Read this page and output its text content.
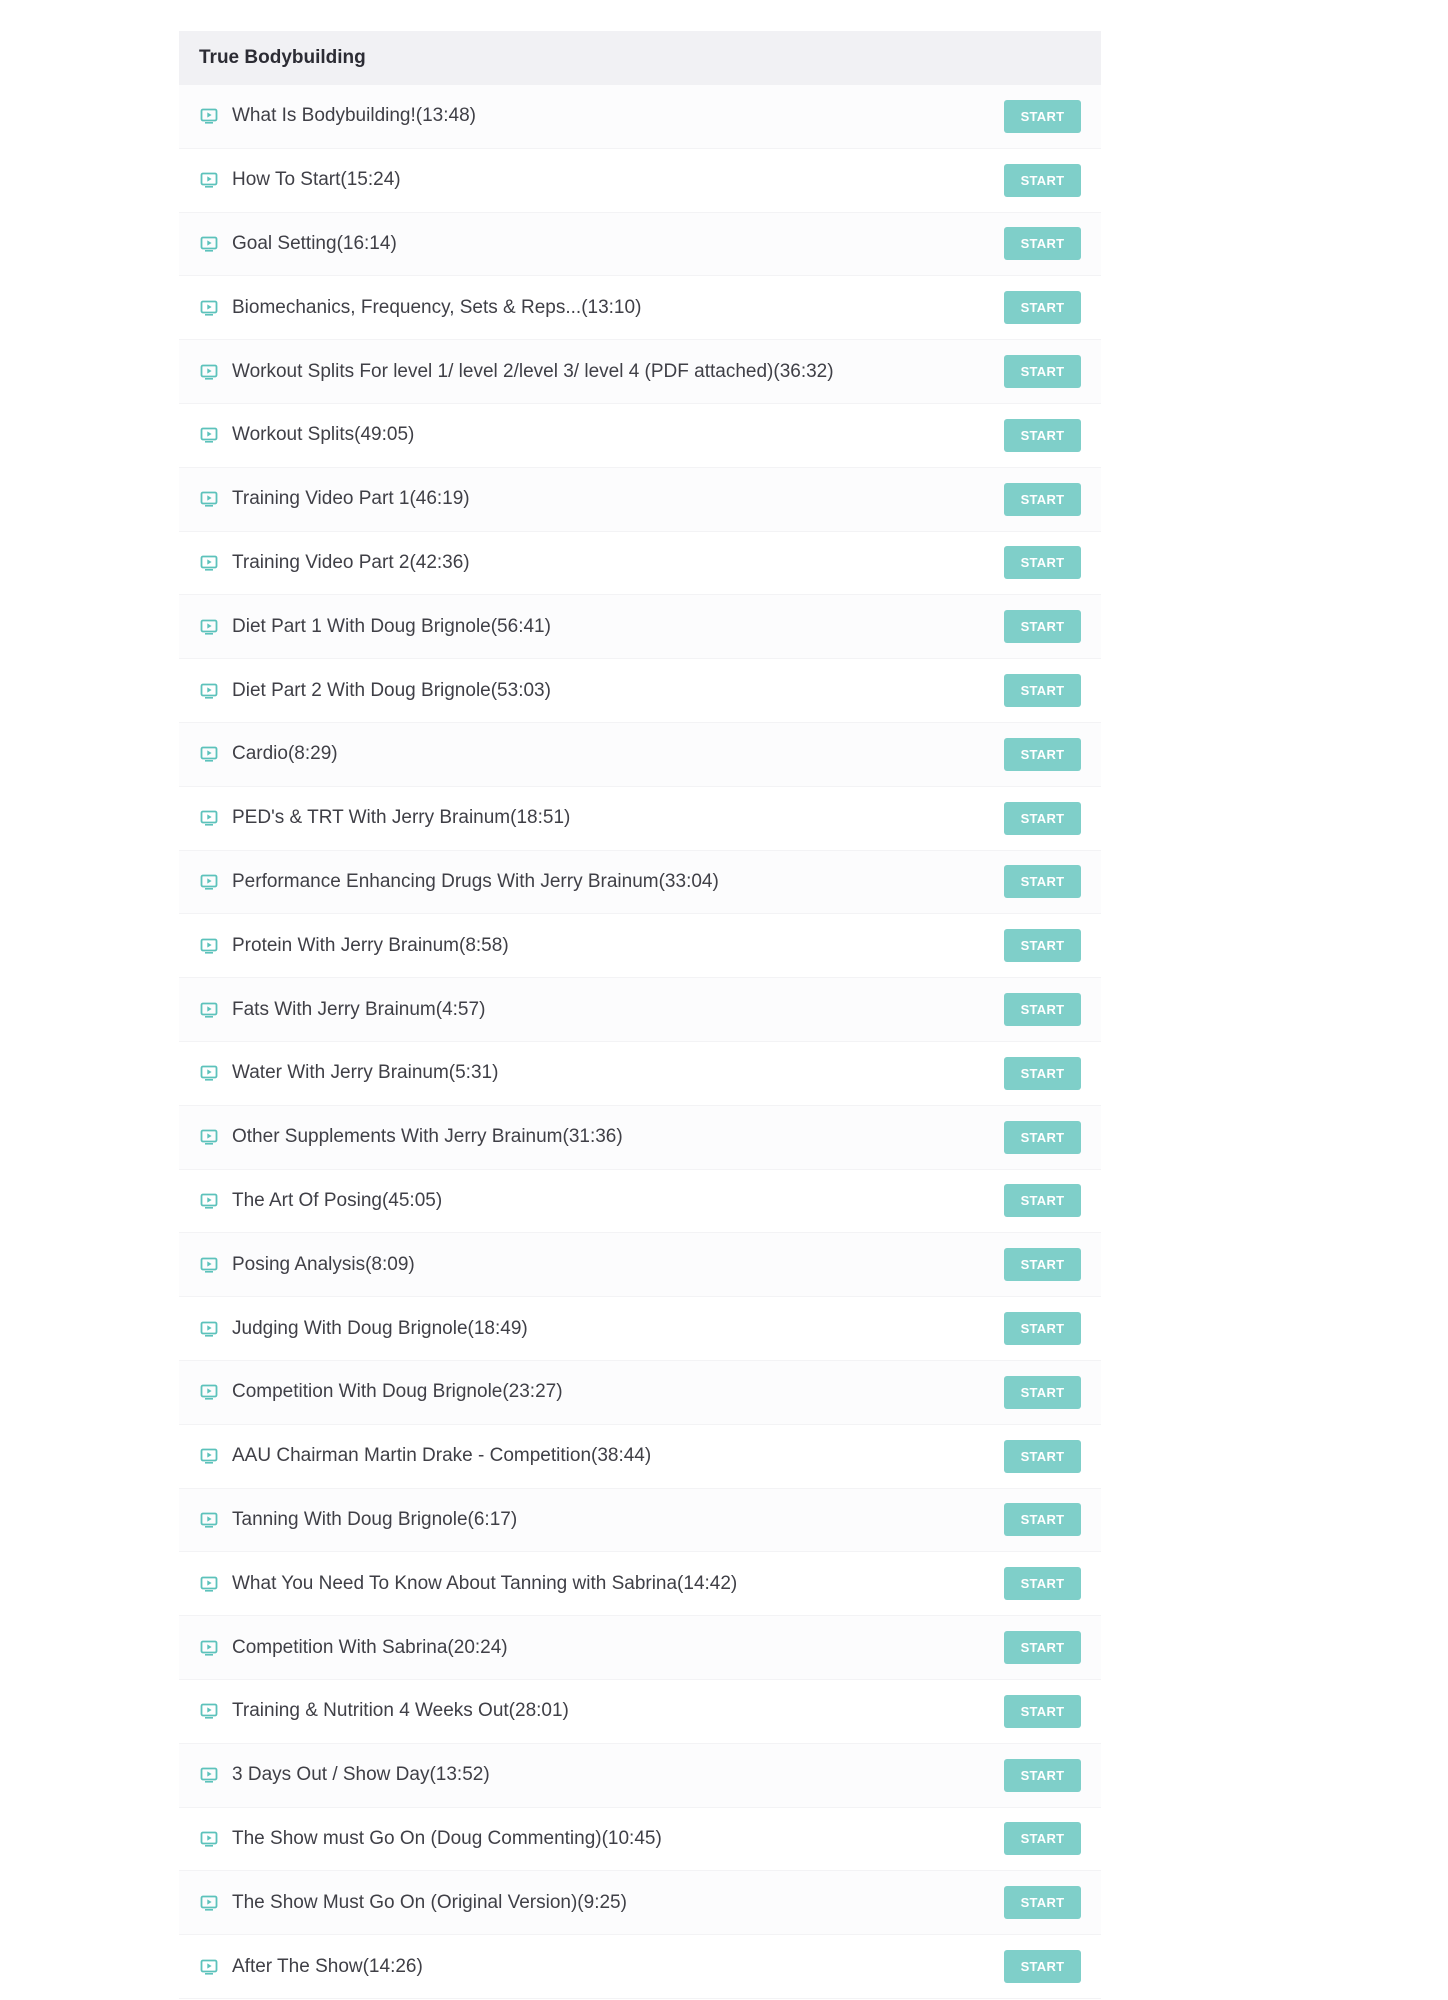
True Bodybuilding
What Is Bodybuilding!(13:48)	START
How To Start(15:24)	START
Goal Setting(16:14)	START
Biomechanics, Frequency, Sets & Reps...(13:10)	START
Workout Splits For level 1/ level 2/level 3/ level 4 (PDF attached)(36:32)	START
Workout Splits(49:05)	START
Training Video Part 1(46:19)	START
Training Video Part 2(42:36)	START
Diet Part 1 With Doug Brignole(56:41)	START
Diet Part 2 With Doug Brignole(53:03)	START
Cardio(8:29)	START
PED's & TRT With Jerry Brainum(18:51)	START
Performance Enhancing Drugs With Jerry Brainum(33:04)	START
Protein With Jerry Brainum(8:58)	START
Fats With Jerry Brainum(4:57)	START
Water With Jerry Brainum(5:31)	START
Other Supplements With Jerry Brainum(31:36)	START
The Art Of Posing(45:05)	START
Posing Analysis(8:09)	START
Judging With Doug Brignole(18:49)	START
Competition With Doug Brignole(23:27)	START
AAU Chairman Martin Drake - Competition(38:44)	START
Tanning With Doug Brignole(6:17)	START
What You Need To Know About Tanning with Sabrina(14:42)	START
Competition With Sabrina(20:24)	START
Training & Nutrition 4 Weeks Out(28:01)	START
3 Days Out / Show Day(13:52)	START
The Show must Go On (Doug Commenting)(10:45)	START
The Show Must Go On (Original Version)(9:25)	START
After The Show(14:26)	START
